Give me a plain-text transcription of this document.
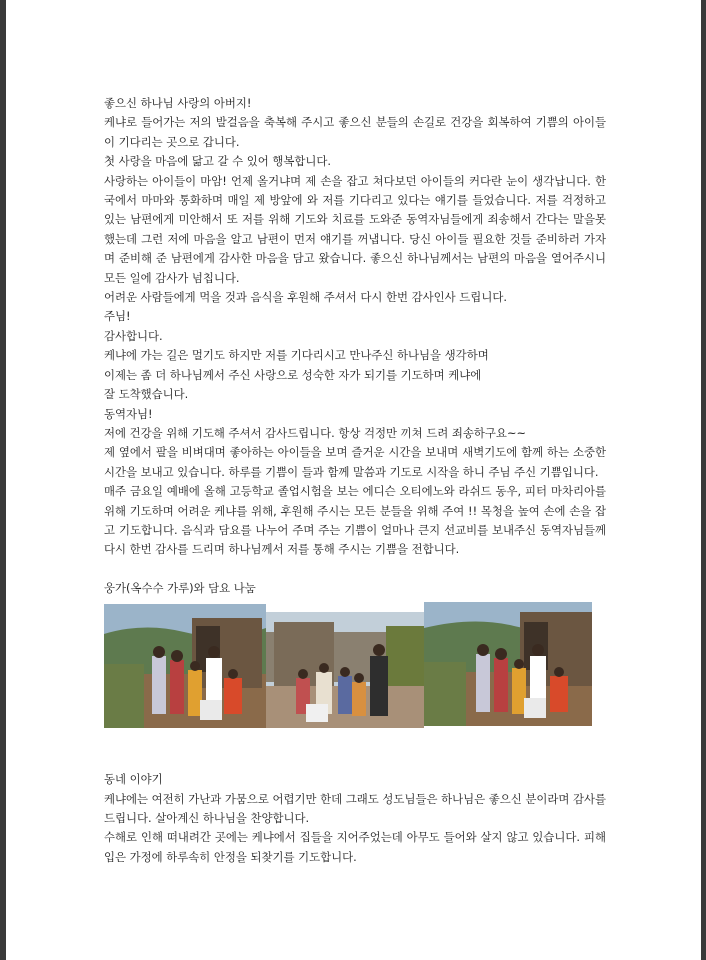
좋으신 하나님 사랑의 아버지!

케냐로 들어가는 저의 발걸음을 축복해 주시고 좋으신 분들의 손길로 건강을 회복하여 기쁨의 아이들이 기다리는 곳으로 갑니다.

첫 사랑을 마음에 닮고 갈 수 있어 행복합니다.

사랑하는 아이들이 마암! 언제 올거냐며 제 손을 잡고 쳐다보던 아이들의 커다란 눈이 생각납니다. 한국에서 마마와 통화하며 매일 제 방앞에 와 저를 기다리고 있다는 얘기를 들었습니다. 저를 걱정하고 있는 남편에게 미안해서 또 저를 위해 기도와 치료를 도와준 동역자님들에게 죄송해서 간다는 말을못했는데 그런 저에 마음을 알고 남편이 먼저 얘기를 꺼냅니다. 당신 아이들 필요한 것들 준비하러 가자며 준비해 준 남편에게 감사한 마음을 담고 왔습니다. 좋으신 하나님께서는 남편의 마음을 열어주시니 모든 일에 감사가 넘칩니다.

어려운 사람들에게 먹을 것과 음식을 후원해 주셔서 다시 한번 감사인사 드립니다.

주님!

감사합니다.

케냐에 가는 길은 멀기도 하지만 저를 기다리시고 만나주신 하나님을 생각하며

이제는 좀 더 하나님께서 주신 사랑으로 성숙한 자가 되기를 기도하며 케냐에

잘 도착했습니다.

동역자님!

저에 건강을 위해 기도해 주셔서 감사드립니다. 항상 걱정만 끼쳐 드려 죄송하구요~~

제 옆에서 팔을 비벼대며 좋아하는 아이들을 보며 즐거운 시간을 보내며 새벽기도에 함께 하는 소중한 시간을 보내고 있습니다. 하루를 기쁨이 들과 함께 말씀과 기도로 시작을 하니 주님 주신 기쁨입니다.

매주 금요일 예배에 올해 고등학교 졸업시험을 보는 에디슨 오티에노와 라쉬드 동우, 피터 마차리아를 위해 기도하며 어려운 케냐를 위해, 후원해 주시는 모든 분들을 위해 주여 !! 목청을 높여 손에 손을 잡고 기도합니다. 음식과 담요를 나누어 주며 주는 기쁨이 얼마나 큰지 선교비를 보내주신 동역자님들께 다시 한번 감사를 드리며 하나님께서 저를 통해 주시는 기쁨을 전합니다.

웅가(옥수수 가루)와 담요 나눔

동네 이야기

케냐에는 여전히 가난과 가뭄으로 어렵기만 한데 그래도 성도님들은 하나님은 좋으신 분이라며 감사를 드립니다. 살아계신 하나님을 찬양합니다.

수해로 인해 떠내려간 곳에는 케냐에서 집들을 지어주었는데 아무도 들어와 살지 않고 있습니다. 피해 입은 가정에 하루속히 안정을 되찾기를 기도합니다.
